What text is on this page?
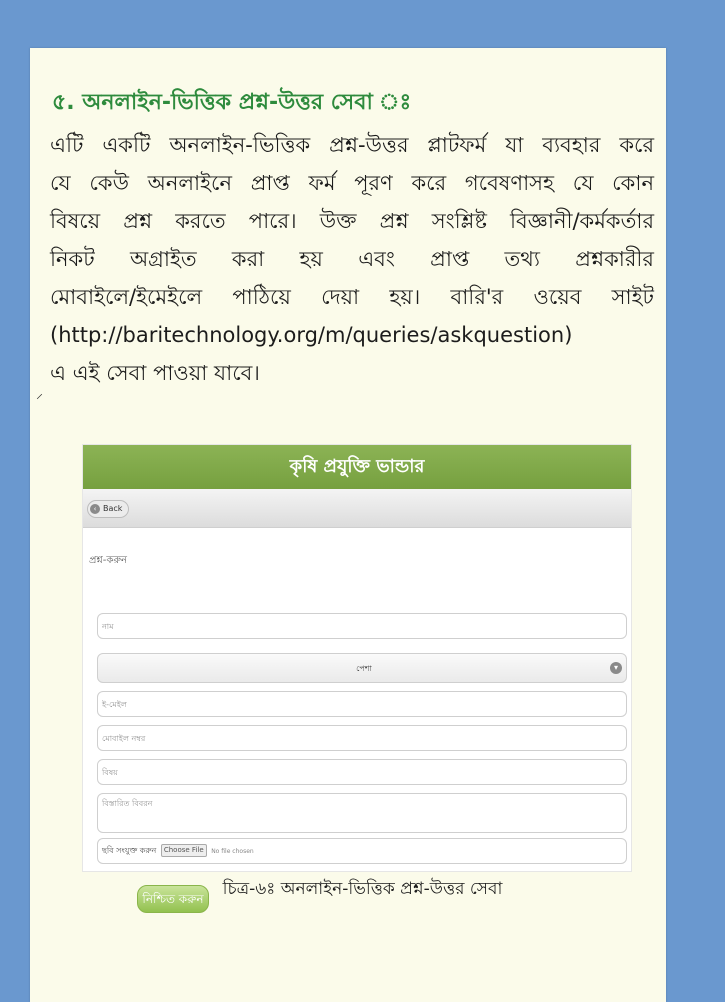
৫. অনলাইন-ভিত্তিক প্রশ্ন-উত্তর সেবা ঃ
এটি একটি অনলাইন-ভিত্তিক প্রশ্ন-উত্তর প্লাটফর্ম যা ব্যবহার করে
যে কেউ অনলাইনে প্রাপ্ত ফর্ম পূরণ করে গবেষণাসহ যে কোন
বিষয়ে প্রশ্ন করতে পারে। উক্ত প্রশ্ন সংশ্লিষ্ট বিজ্ঞানী/কর্মকর্তার
নিকট অগ্রাইত করা হয় এবং প্রাপ্ত তথ্য প্রশ্নকারীর
মোবাইলে/ইমেইলে পাঠিয়ে দেয়া হয়। বারি'র ওয়েব সাইট
(http://baritechnology.org/m/queries/askquestion)
এ এই সেবা পাওয়া যাবে।
⸝
কৃষি প্রযুক্তি ভান্ডার
‹ Back
প্রশ্ন-করুন
নাম
পেশা	▾
ই-মেইল
মোবাইল নম্বর
বিষয়
বিস্তারিত বিবরন
ছবি সংযুক্ত করুন Choose File No file chosen
নিশ্চিত করুন	চিত্র-৬ঃ অনলাইন-ভিত্তিক প্রশ্ন-উত্তর সেবা
